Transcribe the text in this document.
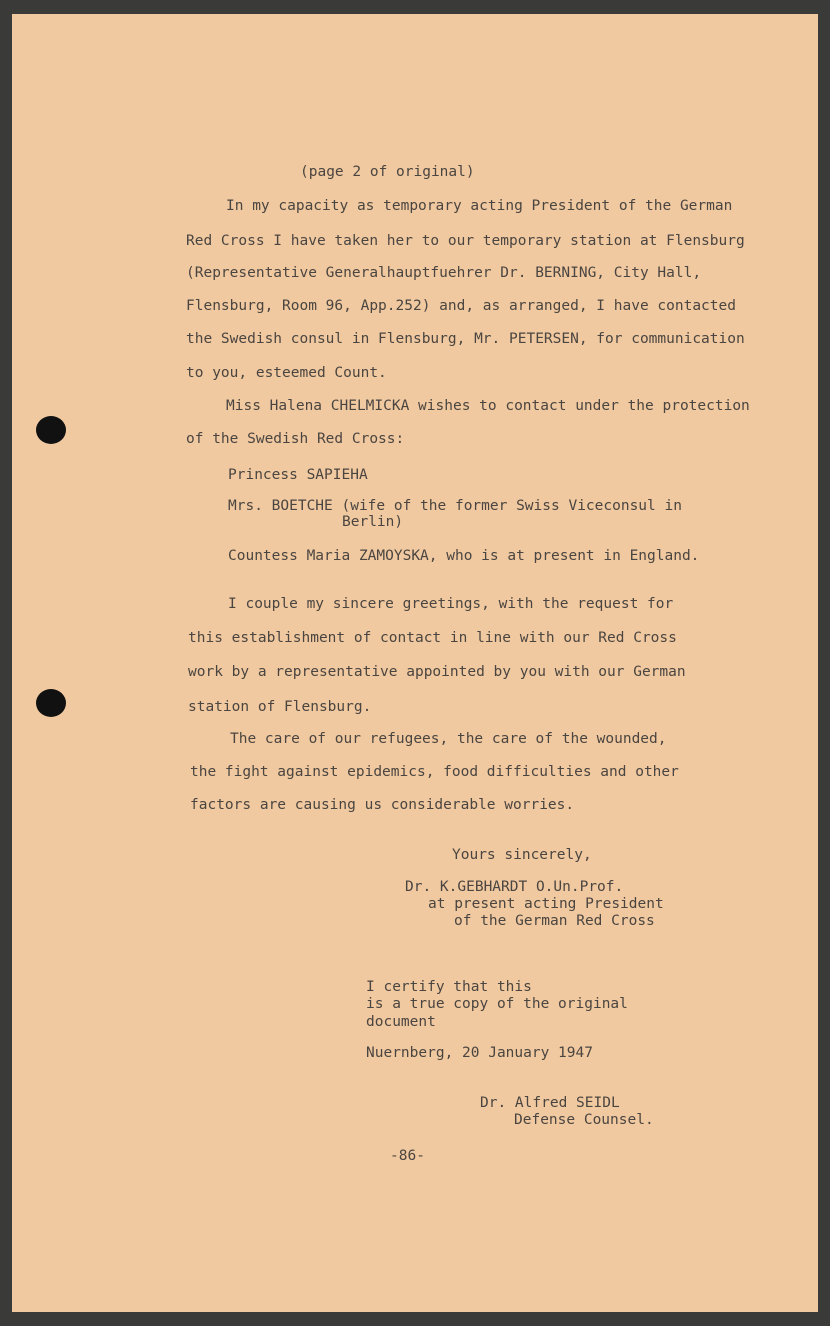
(page 2 of original)

In my capacity as temporary acting President of the German

Red Cross I have taken her to our temporary station at Flensburg

(Representative Generalhauptfuehrer Dr. BERNING, City Hall,

Flensburg, Room 96, App.252) and, as arranged, I have contacted

the Swedish consul in Flensburg, Mr. PETERSEN, for communication

to you, esteemed Count.

Miss Halena CHELMICKA wishes to contact under the protection

of the Swedish Red Cross:

Princess SAPIEHA

Mrs. BOETCHE (wife of the former Swiss Viceconsul in

Berlin)

Countess Maria ZAMOYSKA, who is at present in England.

I couple my sincere greetings, with the request for

this establishment of contact in line with our Red Cross

work by a representative appointed by you with our German

station of Flensburg.

The care of our refugees, the care of the wounded,

the fight against epidemics, food difficulties and other

factors are causing us considerable worries.

Yours sincerely,

Dr. K.GEBHARDT O.Un.Prof.

at present acting President

of the German Red Cross

I certify that this

is a true copy of the original

document

Nuernberg, 20 January 1947

Dr. Alfred SEIDL

Defense Counsel.

-86-
